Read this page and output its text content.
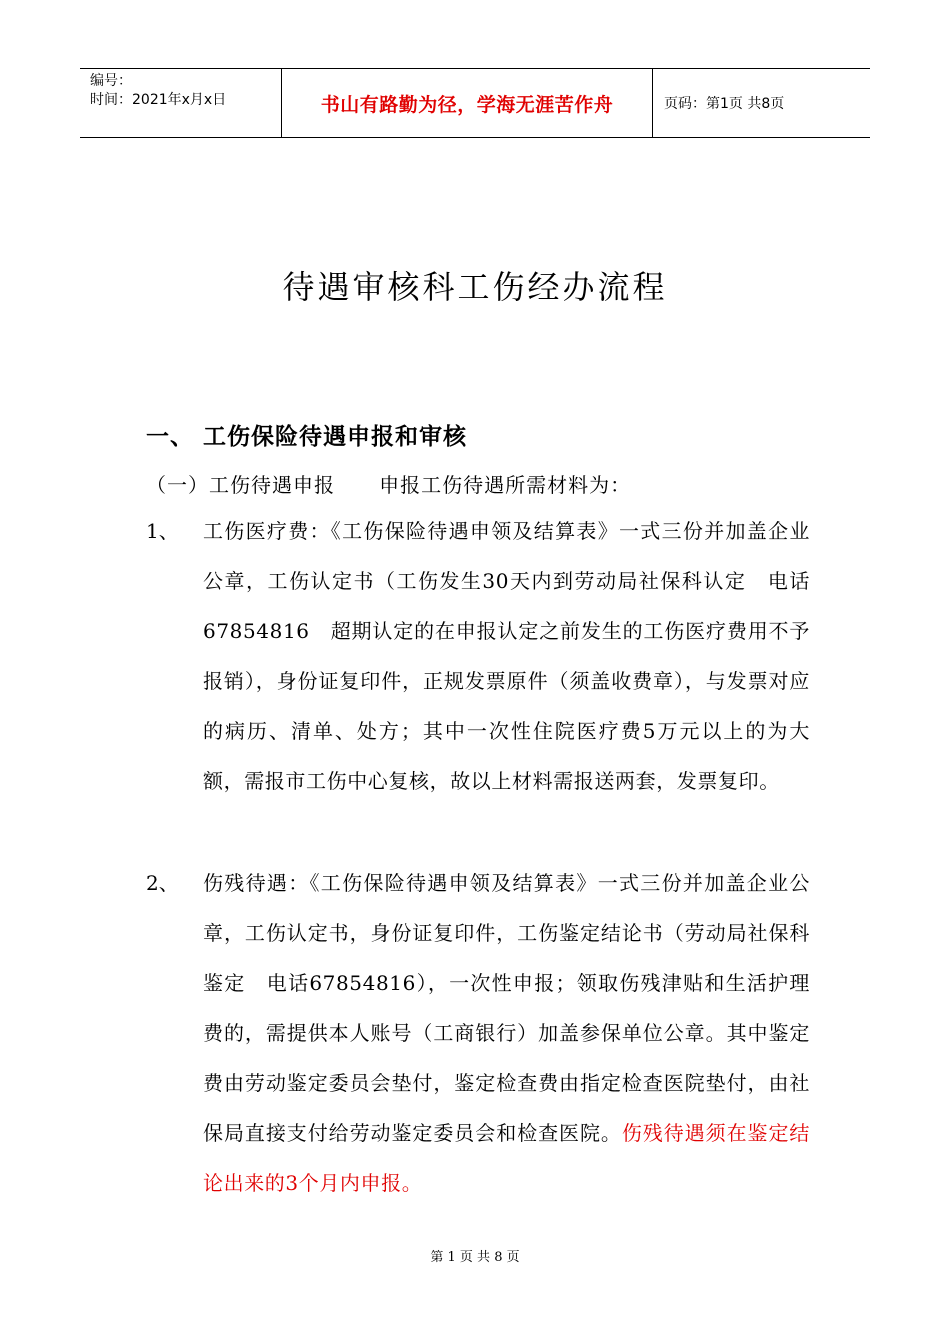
编号：
时间：2021年x月x日	书山有路勤为径，学海无涯苦作舟	页码：第1页 共8页
待遇审核科工伤经办流程
一、 工伤保险待遇申报和审核
（一）工伤待遇申报      申报工伤待遇所需材料为：
1、 工伤医疗费：《工伤保险待遇申领及结算表》一式三份并加盖企业公章，工伤认定书（工伤发生30天内到劳动局社保科认定　电话67854816　超期认定的在申报认定之前发生的工伤医疗费用不予报销），身份证复印件，正规发票原件（须盖收费章），与发票对应的病历、清单、处方；其中一次性住院医疗费5万元以上的为大额，需报市工伤中心复核，故以上材料需报送两套，发票复印。
2、 伤残待遇：《工伤保险待遇申领及结算表》一式三份并加盖企业公章，工伤认定书，身份证复印件，工伤鉴定结论书（劳动局社保科鉴定　电话67854816），一次性申报；领取伤残津贴和生活护理费的，需提供本人账号（工商银行）加盖参保单位公章。其中鉴定费由劳动鉴定委员会垫付，鉴定检查费由指定检查医院垫付，由社保局直接支付给劳动鉴定委员会和检查医院。伤残待遇须在鉴定结论出来的3个月内申报。
第 1 页 共 8 页
